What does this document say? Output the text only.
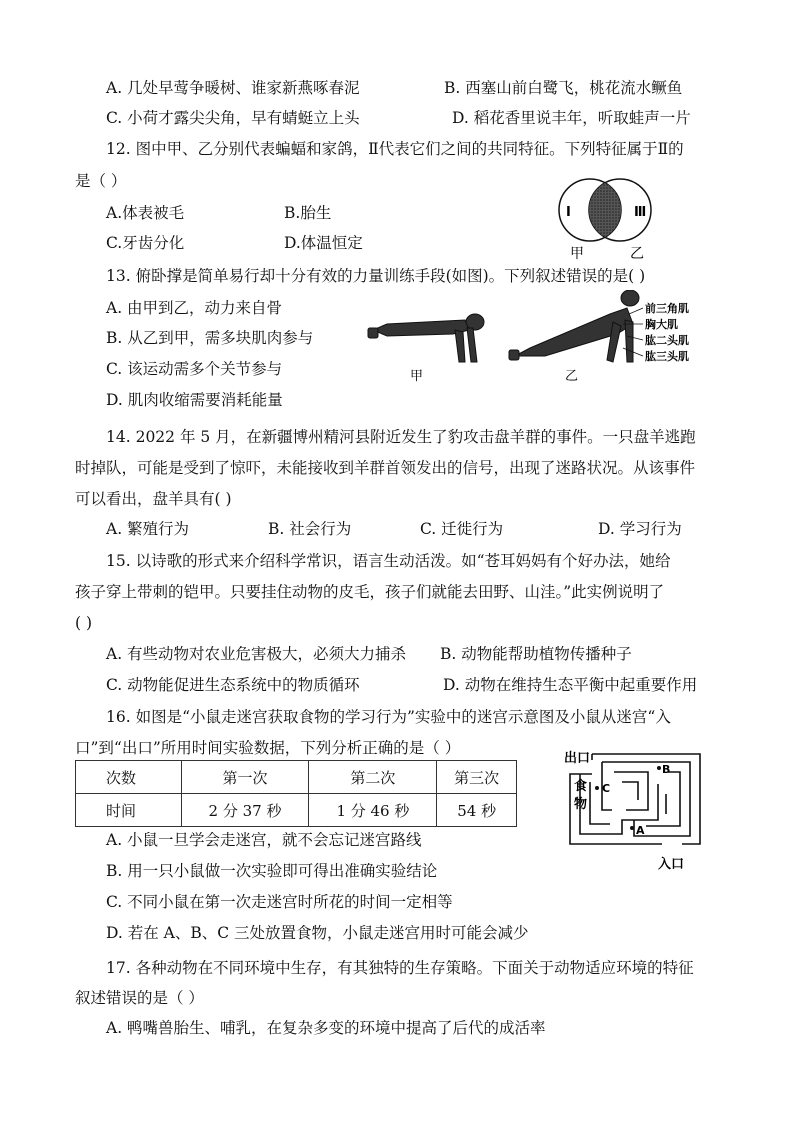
A. 几处早莺争暖树、谁家新燕啄春泥	B. 西塞山前白鹭飞，桃花流水鳜鱼
C. 小荷才露尖尖角，早有蜻蜓立上头	D. 稻花香里说丰年，听取蛙声一片
12. 图中甲、乙分别代表蝙蝠和家鸽，Ⅱ代表它们之间的共同特征。下列特征属于Ⅱ的
是（ ）
A.体表被毛	B.胎生
C.牙齿分化	D.体温恒定
Ⅰ	Ⅲ
甲	乙
13. 俯卧撑是简单易行却十分有效的力量训练手段(如图)。下列叙述错误的是( )
A. 由甲到乙，动力来自骨
B. 从乙到甲，需多块肌肉参与
C. 该运动需多个关节参与
D. 肌肉收缩需要消耗能量
甲
前三角肌
胸大肌
肱二头肌
肱三头肌
乙
14. 2022 年 5 月，在新疆博州精河县附近发生了豹攻击盘羊群的事件。一只盘羊逃跑
时掉队，可能是受到了惊吓，未能接收到羊群首领发出的信号，出现了迷路状况。从该事件
可以看出，盘羊具有( )
A. 繁殖行为	B. 社会行为	C. 迁徙行为	D. 学习行为
15. 以诗歌的形式来介绍科学常识，语言生动活泼。如“苍耳妈妈有个好办法，她给
孩子穿上带刺的铠甲。只要挂住动物的皮毛，孩子们就能去田野、山洼。”此实例说明了
( )
A. 有些动物对农业危害极大，必须大力捕杀 B. 动物能帮助植物传播种子
C. 动物能促进生态系统中的物质循环	D. 动物在维持生态平衡中起重要作用
16. 如图是“小鼠走迷宫获取食物的学习行为”实验中的迷宫示意图及小鼠从迷宫“入
口”到“出口”所用时间实验数据，下列分析正确的是（ ）
次数	第一次	第二次	第三次
时间	2 分 37 秒	1 分 46 秒	54 秒
A. 小鼠一旦学会走迷宫，就不会忘记迷宫路线
B. 用一只小鼠做一次实验即可得出准确实验结论
C. 不同小鼠在第一次走迷宫时所花的时间一定相等
D. 若在 A、B、C 三处放置食物，小鼠走迷宫用时可能会减少
出口
A
B
C
食
物
入口
17. 各种动物在不同环境中生存，有其独特的生存策略。下面关于动物适应环境的特征
叙述错误的是（ ）
A. 鸭嘴兽胎生、哺乳，在复杂多变的环境中提高了后代的成活率
